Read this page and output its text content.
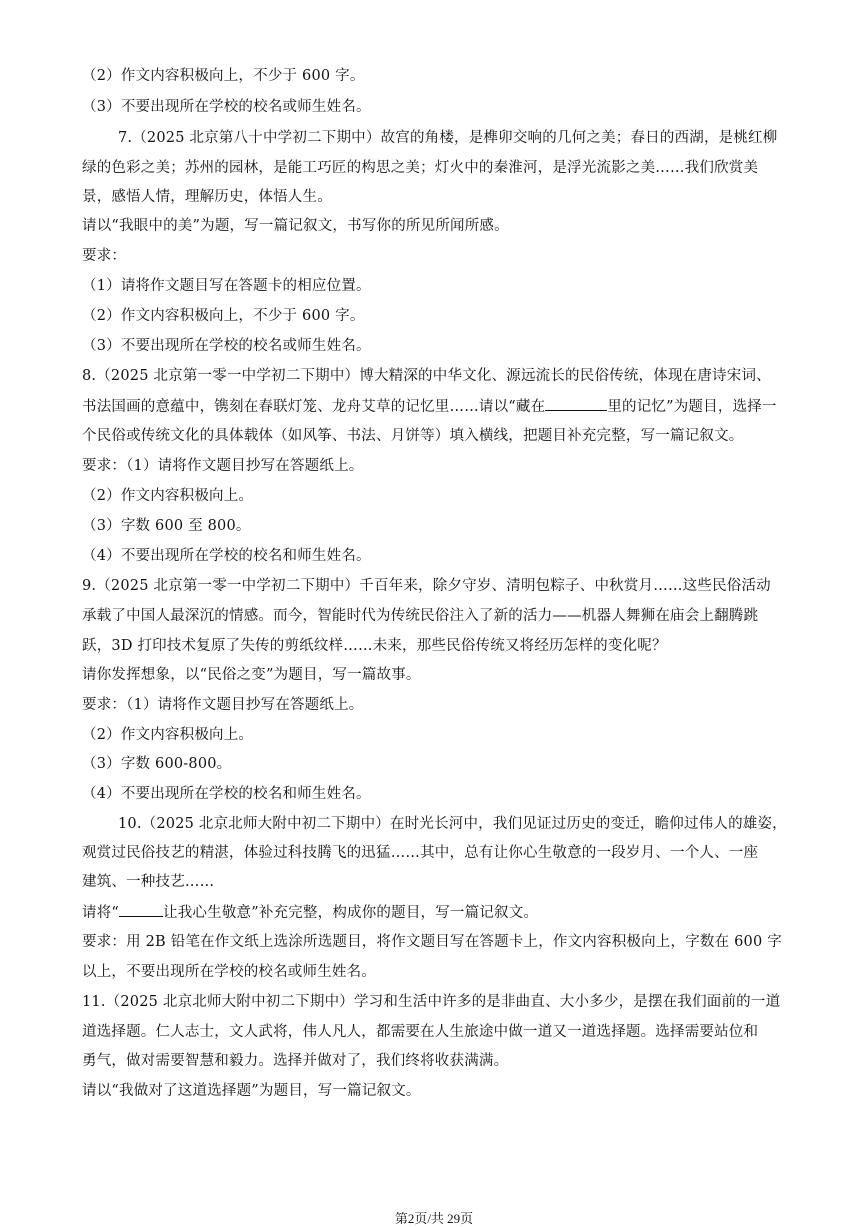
（2）作文内容积极向上，不少于 600 字。
（3）不要出现所在学校的校名或师生姓名。
7.（2025 北京第八十中学初二下期中）故宫的角楼，是榫卯交响的几何之美；春日的西湖，是桃红柳
绿的色彩之美；苏州的园林，是能工巧匠的构思之美；灯火中的秦淮河，是浮光流影之美……我们欣赏美
景，感悟人情，理解历史，体悟人生。
请以“我眼中的美”为题，写一篇记叙文，书写你的所见所闻所感。
要求：
（1）请将作文题目写在答题卡的相应位置。
（2）作文内容积极向上，不少于 600 字。
（3）不要出现所在学校的校名或师生姓名。
8.（2025 北京第一零一中学初二下期中）博大精深的中华文化、源远流长的民俗传统，体现在唐诗宋词、
书法国画的意蕴中，镌刻在春联灯笼、龙舟艾草的记忆里……请以“藏在	里的记忆”为题目，选择一
个民俗或传统文化的具体载体（如风筝、书法、月饼等）填入横线，把题目补充完整，写一篇记叙文。
要求：（1）请将作文题目抄写在答题纸上。
（2）作文内容积极向上。
（3）字数 600 至 800。
（4）不要出现所在学校的校名和师生姓名。
9.（2025 北京第一零一中学初二下期中）千百年来，除夕守岁、清明包粽子、中秋赏月……这些民俗活动
承载了中国人最深沉的情感。而今，智能时代为传统民俗注入了新的活力——机器人舞狮在庙会上翻腾跳
跃，3D 打印技术复原了失传的剪纸纹样……未来，那些民俗传统又将经历怎样的变化呢？
请你发挥想象，以“民俗之变”为题目，写一篇故事。
要求：（1）请将作文题目抄写在答题纸上。
（2）作文内容积极向上。
（3）字数 600-800。
（4）不要出现所在学校的校名和师生姓名。
10.（2025 北京北师大附中初二下期中）在时光长河中，我们见证过历史的变迁，瞻仰过伟人的雄姿，
观赏过民俗技艺的精湛，体验过科技腾飞的迅猛……其中，总有让你心生敬意的一段岁月、一个人、一座
建筑、一种技艺……
请将“	让我心生敬意”补充完整，构成你的题目，写一篇记叙文。
要求：用 2B 铅笔在作文纸上选涂所选题目，将作文题目写在答题卡上，作文内容积极向上，字数在 600 字
以上，不要出现所在学校的校名或师生姓名。
11.（2025 北京北师大附中初二下期中）学习和生活中许多的是非曲直、大小多少，是摆在我们面前的一道
道选择题。仁人志士，文人武将，伟人凡人，都需要在人生旅途中做一道又一道选择题。选择需要站位和
勇气，做对需要智慧和毅力。选择并做对了，我们终将收获满满。
请以“我做对了这道选择题”为题目，写一篇记叙文。
第2页/共 29页
